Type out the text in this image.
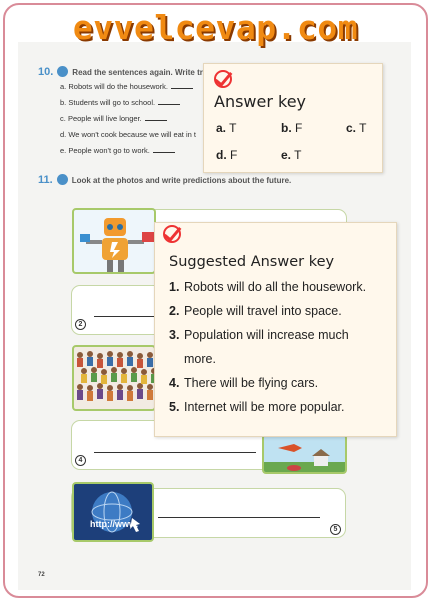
10. Read the sentences again. Write tr
a. Robots will do the housework.
b. Students will go to school.
c. People will live longer.
d. We won't cook because we will eat in t
e. People won't go to work.
11. Look at the photos and write predictions about the future.
2
4
http://www.
5
72
Answer key
a. T	b. F	c. T
d. F	e. T
Suggested Answer key
1. Robots will do all the housework.
2. People will travel into space.
3. Population will increase much
more.
4. There will be flying cars.
5. Internet will be more popular.
evvelcevap.com
